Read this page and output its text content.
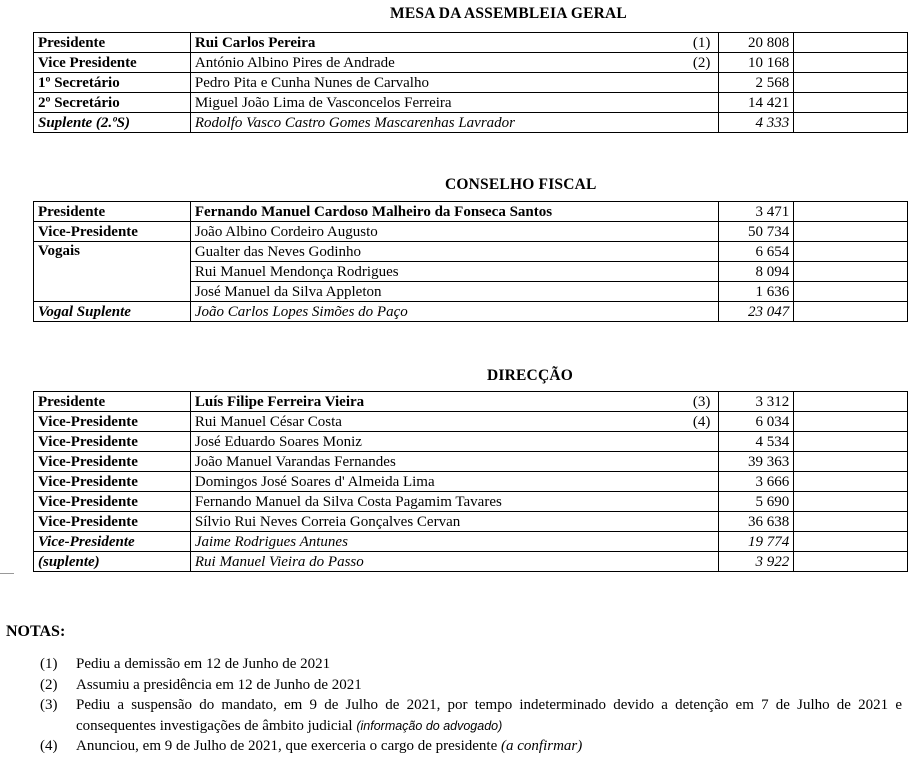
MESA DA ASSEMBLEIA GERAL
Presidente	Rui Carlos Pereira (1)	20 808	
Vice Presidente	António Albino Pires de Andrade (2)	10 168	
1º Secretário	Pedro Pita e Cunha Nunes de Carvalho	2 568	
2º Secretário	Miguel João Lima de Vasconcelos Ferreira	14 421	
Suplente (2.ºS)	Rodolfo Vasco Castro Gomes Mascarenhas Lavrador	4 333	
CONSELHO FISCAL
Presidente	Fernando Manuel Cardoso Malheiro da Fonseca Santos	3 471	
Vice-Presidente	João Albino Cordeiro Augusto	50 734	
Vogais	Gualter das Neves Godinho	6 654	
	Rui Manuel Mendonça Rodrigues	8 094	
	José Manuel da Silva Appleton	1 636	
Vogal Suplente	João Carlos Lopes Simões do Paço	23 047	
DIRECÇÃO
Presidente	Luís Filipe Ferreira Vieira (3)	3 312	
Vice-Presidente	Rui Manuel César Costa (4)	6 034	
Vice-Presidente	José Eduardo Soares Moniz	4 534	
Vice-Presidente	João Manuel Varandas Fernandes	39 363	
Vice-Presidente	Domingos José Soares d' Almeida Lima	3 666	
Vice-Presidente	Fernando Manuel da Silva Costa Pagamim Tavares	5 690	
Vice-Presidente	Sílvio Rui Neves Correia Gonçalves Cervan	36 638	
Vice-Presidente	Jaime Rodrigues Antunes	19 774	
(suplente)	Rui Manuel Vieira do Passo	3 922	
NOTAS:
(1) Pediu a demissão em 12 de Junho de 2021
(2) Assumiu a presidência em 12 de Junho de 2021
(3) Pediu a suspensão do mandato, em 9 de Julho de 2021, por tempo indeterminado devido a detenção em 7 de Julho de 2021 e consequentes investigações de âmbito judicial (informação do advogado)
(4) Anunciou, em 9 de Julho de 2021, que exerceria o cargo de presidente (a confirmar)
